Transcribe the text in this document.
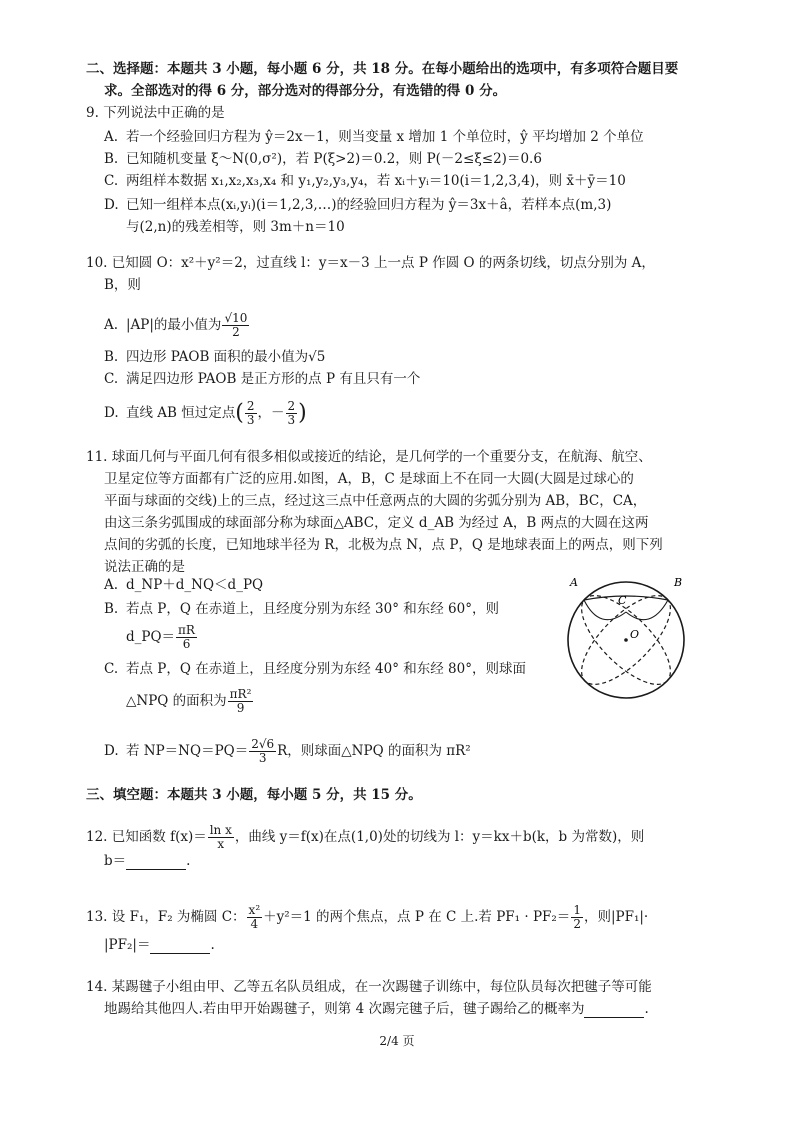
二、选择题：本题共 3 小题，每小题 6 分，共 18 分。在每小题给出的选项中，有多项符合题目要
求。全部选对的得 6 分，部分选对的得部分分，有选错的得 0 分。
9. 下列说法中正确的是
A. 若一个经验回归方程为 ŷ＝2x－1，则当变量 x 增加 1 个单位时，ŷ 平均增加 2 个单位
B. 已知随机变量 ξ～N(0,σ²)，若 P(ξ>2)＝0.2，则 P(－2≤ξ≤2)＝0.6
C. 两组样本数据 x₁,x₂,x₃,x₄ 和 y₁,y₂,y₃,y₄，若 xᵢ＋yᵢ＝10(i＝1,2,3,4)，则 x̄＋ȳ＝10
D. 已知一组样本点(xᵢ,yᵢ)(i＝1,2,3,…)的经验回归方程为 ŷ＝3x＋â，若样本点(m,3)
与(2,n)的残差相等，则 3m＋n＝10
10. 已知圆 O：x²＋y²＝2，过直线 l：y＝x－3 上一点 P 作圆 O 的两条切线，切点分别为 A，
B，则
A. |AP|的最小值为 $\frac{√10}{2}$
B. 四边形 PAOB 面积的最小值为√5
C. 满足四边形 PAOB 是正方形的点 P 有且只有一个
D. 直线 AB 恒过定点( $\frac{2}{3}$ ，－ $\frac{2}{3}$ )
11. 球面几何与平面几何有很多相似或接近的结论，是几何学的一个重要分支，在航海、航空、
卫星定位等方面都有广泛的应用.如图，A，B，C 是球面上不在同一大圆(大圆是过球心的
平面与球面的交线)上的三点，经过这三点中任意两点的大圆的劣弧分别为 AB，BC，CA，
由这三条劣弧围成的球面部分称为球面△ABC，定义 d_AB 为经过 A，B 两点的大圆在这两
点间的劣弧的长度，已知地球半径为 R，北极为点 N，点 P，Q 是地球表面上的两点，则下列
说法正确的是
A. d_NP＋d_NQ＜d_PQ
B. 若点 P，Q 在赤道上，且经度分别为东经 30° 和东经 60°，则
d_PQ＝ $\frac{\pi R}{6}$
C. 若点 P，Q 在赤道上，且经度分别为东经 40° 和东经 80°，则球面
△NPQ 的面积为 $\frac{\text{πR²}}{9}$
D. 若 $NP=NQ=PQ= \frac{2√6}{3}$ R，则球面△NPQ 的面积为 πR²
A	B
C
O
三、填空题：本题共 3 小题，每小题 5 分，共 15 分。
12. 已知函数 $f(x)= \frac{\text{ln x}}{x}$ ，曲线 y＝f(x)在点(1,0)处的切线为 l：y＝kx＋b(k，b 为常数)，则
b＝	.
13. 设 F₁，F₂ 为椭圆 C： $\frac{\text{x²}}{4} +y^2=1$ 的两个焦点，点 P 在 C 上.若 $PF_1 \cdot PF_2= \frac{1}{2}$ ，则|PF₁|·
|PF₂|＝	.
14. 某踢毽子小组由甲、乙等五名队员组成，在一次踢毽子训练中，每位队员每次把毽子等可能
地踢给其他四人.若由甲开始踢毽子，则第 4 次踢完毽子后，毽子踢给乙的概率为	.
2/4 页
